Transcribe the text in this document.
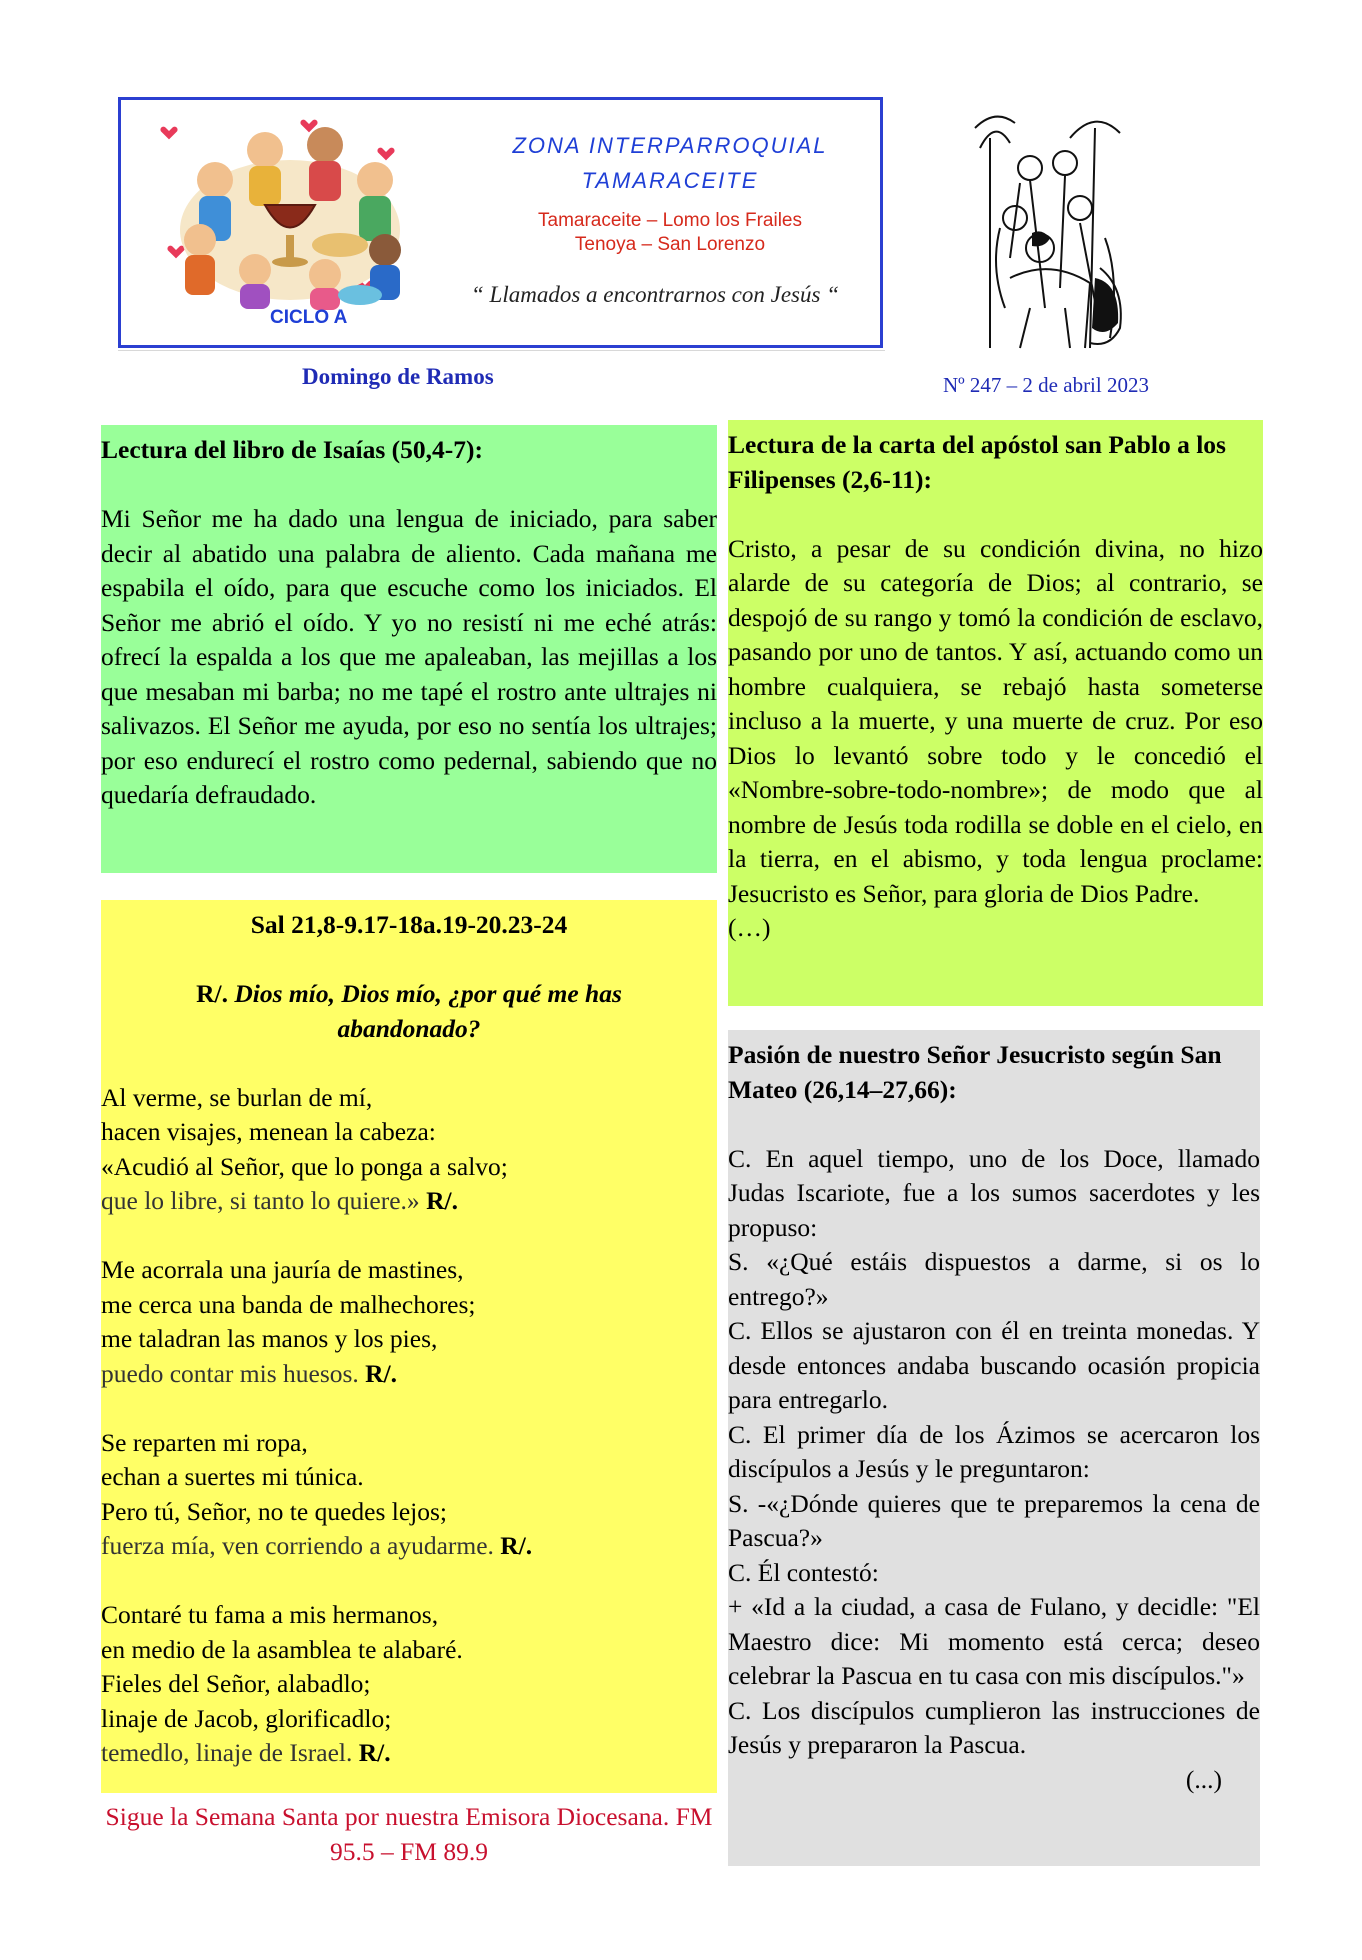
ZONA INTERPARROQUIAL
TAMARACEITE
Tamaraceite – Lomo los Frailes
Tenoya – San Lorenzo
“ Llamados a encontrarnos con Jesús “
CICLO A
Domingo de Ramos	Nº 247 – 2 de abril 2023

Lectura del libro de Isaías (50,4-7):

Mi Señor me ha dado una lengua de iniciado, para saber decir al abatido una palabra de aliento. Cada mañana me espabila el oído, para que escuche como los iniciados. El Señor me abrió el oído. Y yo no resistí ni me eché atrás: ofrecí la espalda a los que me apaleaban, las mejillas a los que mesaban mi barba; no me tapé el rostro ante ultrajes ni salivazos. El Señor me ayuda, por eso no sentía los ultrajes; por eso endurecí el rostro como pedernal, sabiendo que no quedaría defraudado.

Lectura de la carta del apóstol san Pablo a los Filipenses (2,6-11):

Cristo, a pesar de su condición divina, no hizo alarde de su categoría de Dios; al contrario, se despojó de su rango y tomó la condición de esclavo, pasando por uno de tantos. Y así, actuando como un hombre cualquiera, se rebajó hasta someterse incluso a la muerte, y una muerte de cruz. Por eso Dios lo levantó sobre todo y le concedió el «Nombre-sobre-todo-nombre»; de modo que al nombre de Jesús toda rodilla se doble en el cielo, en la tierra, en el abismo, y toda lengua proclame: Jesucristo es Señor, para gloria de Dios Padre.

(…)

Sal 21,8-9.17-18a.19-20.23-24

R/. Dios mío, Dios mío, ¿por qué me has abandonado?

Al verme, se burlan de mí,

hacen visajes, menean la cabeza:

«Acudió al Señor, que lo ponga a salvo;

que lo libre, si tanto lo quiere.» R/.

Me acorrala una jauría de mastines,

me cerca una banda de malhechores;

me taladran las manos y los pies,

puedo contar mis huesos. R/.

Se reparten mi ropa,

echan a suertes mi túnica.

Pero tú, Señor, no te quedes lejos;

fuerza mía, ven corriendo a ayudarme. R/.

Contaré tu fama a mis hermanos,

en medio de la asamblea te alabaré.

Fieles del Señor, alabadlo;

linaje de Jacob, glorificadlo;

temedlo, linaje de Israel. R/.

Pasión de nuestro Señor Jesucristo según San Mateo (26,14–27,66):

C. En aquel tiempo, uno de los Doce, llamado Judas Iscariote, fue a los sumos sacerdotes y les propuso:

S. «¿Qué estáis dispuestos a darme, si os lo entrego?»

C. Ellos se ajustaron con él en treinta monedas. Y desde entonces andaba buscando ocasión propicia para entregarlo.

C. El primer día de los Ázimos se acercaron los discípulos a Jesús y le preguntaron:

S. -«¿Dónde quieres que te preparemos la cena de Pascua?»

C. Él contestó:

+ «Id a la ciudad, a casa de Fulano, y decidle: "El Maestro dice: Mi momento está cerca; deseo celebrar la Pascua en tu casa con mis discípulos."»

C. Los discípulos cumplieron las instrucciones de Jesús y prepararon la Pascua.

(...)

Sigue la Semana Santa por nuestra Emisora Diocesana. FM 95.5 – FM 89.9
